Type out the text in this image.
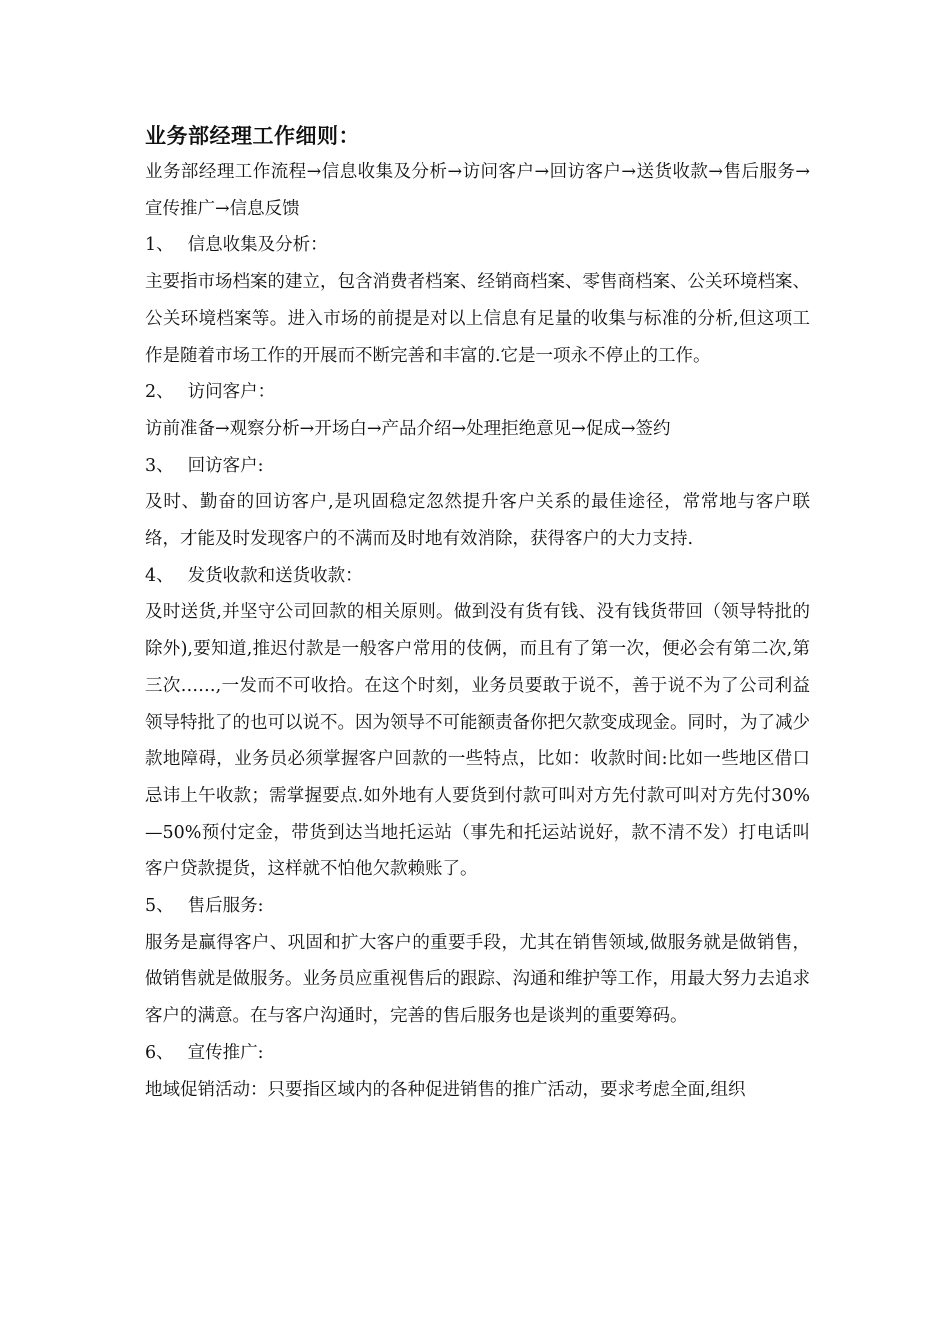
业务部经理工作细则：

业务部经理工作流程→信息收集及分析→访问客户→回访客户→送货收款→售后服务→宣传推广→信息反馈

1、 信息收集及分析：

主要指市场档案的建立，包含消费者档案、经销商档案、零售商档案、公关环境档案、公关环境档案等。进入市场的前提是对以上信息有足量的收集与标准的分析,但这项工作是随着市场工作的开展而不断完善和丰富的.它是一项永不停止的工作。

2、 访问客户：

访前准备→观察分析→开场白→产品介绍→处理拒绝意见→促成→签约

3、 回访客户:

及时、勤奋的回访客户,是巩固稳定忽然提升客户关系的最佳途径，常常地与客户联络，才能及时发现客户的不满而及时地有效消除，获得客户的大力支持.

4、 发货收款和送货收款：

及时送货,并坚守公司回款的相关原则。做到没有货有钱、没有钱货带回（领导特批的除外),要知道,推迟付款是一般客户常用的伎俩，而且有了第一次，便必会有第二次,第三次……,一发而不可收拾。在这个时刻，业务员要敢于说不，善于说不为了公司利益领导特批了的也可以说不。因为领导不可能额责备你把欠款变成现金。同时，为了减少款地障碍，业务员必须掌握客户回款的一些特点，比如：收款时间:比如一些地区借口忌讳上午收款；需掌握要点.如外地有人要货到付款可叫对方先付款可叫对方先付30%—50%预付定金，带货到达当地托运站（事先和托运站说好，款不清不发）打电话叫客户贷款提货，这样就不怕他欠款赖账了。

5、 售后服务:

服务是赢得客户、巩固和扩大客户的重要手段，尤其在销售领域,做服务就是做销售，做销售就是做服务。业务员应重视售后的跟踪、沟通和维护等工作，用最大努力去追求客户的满意。在与客户沟通时，完善的售后服务也是谈判的重要筹码。

6、 宣传推广:

地域促销活动：只要指区域内的各种促进销售的推广活动，要求考虑全面,组织
